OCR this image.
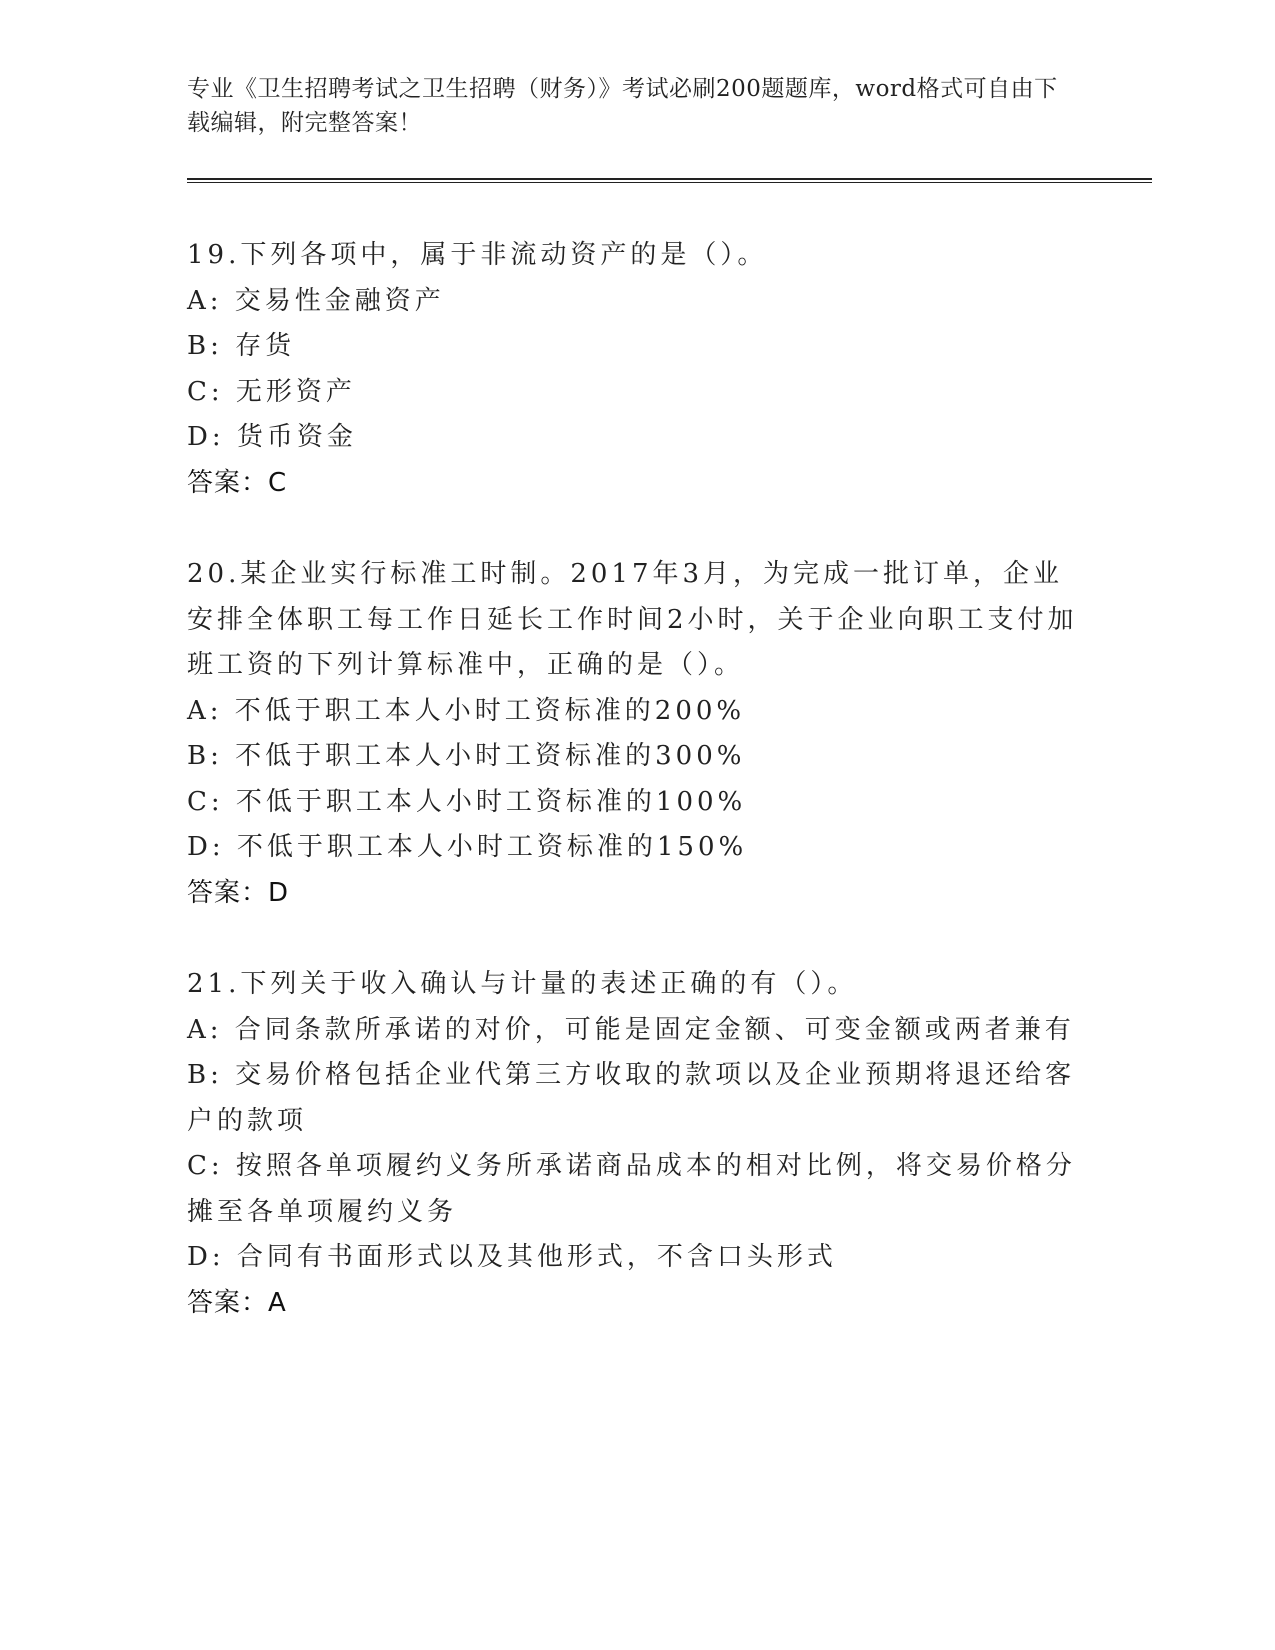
专业《卫生招聘考试之卫生招聘（财务）》考试必刷200题题库，word格式可自由下载编辑，附完整答案！
19.下列各项中，属于非流动资产的是（）。
A: 交易性金融资产
B: 存货
C: 无形资产
D: 货币资金
答案：C
20.某企业实行标准工时制。2017年3月，为完成一批订单，企业安排全体职工每工作日延长工作时间2小时，关于企业向职工支付加班工资的下列计算标准中，正确的是（）。
A: 不低于职工本人小时工资标准的200%
B: 不低于职工本人小时工资标准的300%
C: 不低于职工本人小时工资标准的100%
D: 不低于职工本人小时工资标准的150%
答案：D
21.下列关于收入确认与计量的表述正确的有（）。
A: 合同条款所承诺的对价，可能是固定金额、可变金额或两者兼有
B: 交易价格包括企业代第三方收取的款项以及企业预期将退还给客户的款项
C: 按照各单项履约义务所承诺商品成本的相对比例，将交易价格分摊至各单项履约义务
D: 合同有书面形式以及其他形式，不含口头形式
答案：A
